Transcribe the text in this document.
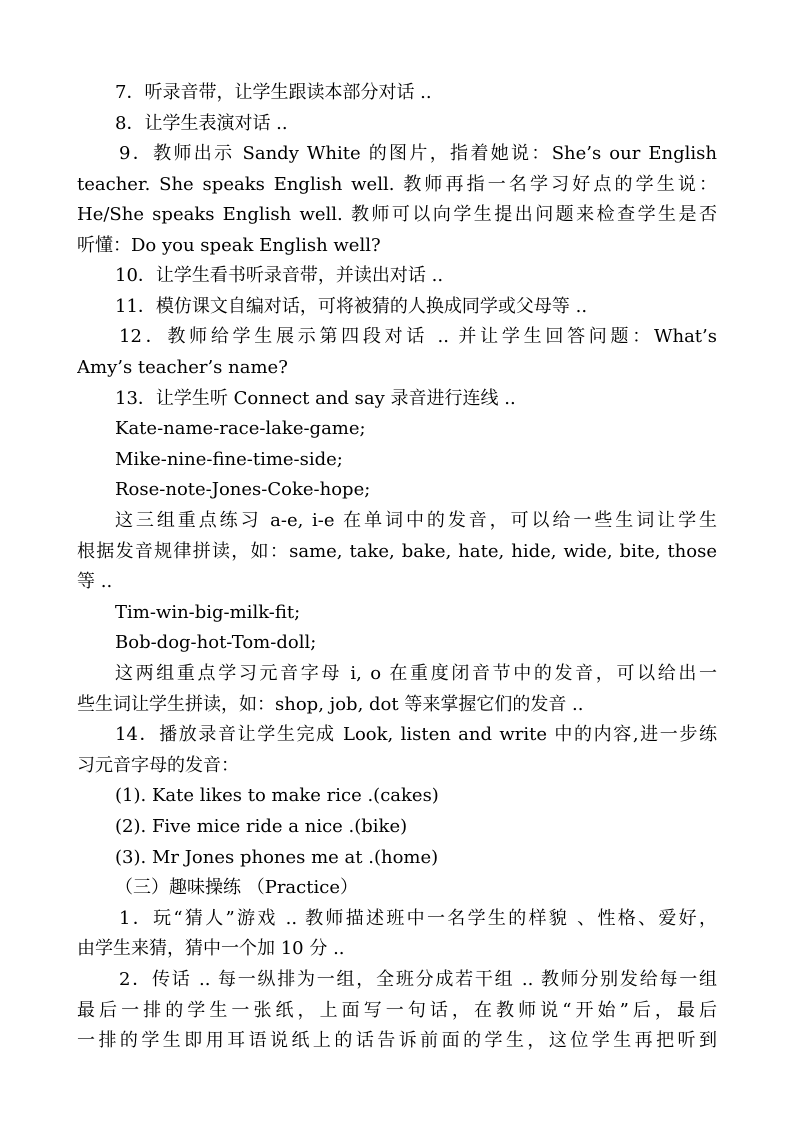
7．听录音带，让学生跟读本部分对话 ..
8．让学生表演对话 ..
9．教师出示 Sandy White 的图片，指着她说：She’s our English
teacher. She speaks English well. 教师再指一名学习好点的学生说：
He/She speaks English well. 教师可以向学生提出问题来检查学生是否
听懂：Do you speak English well?
10．让学生看书听录音带，并读出对话 ..
11．模仿课文自编对话，可将被猜的人换成同学或父母等 ..
12．教师给学生展示第四段对话 .. 并让学生回答问题：What’s
Amy’s teacher’s name?
13．让学生听 Connect and say 录音进行连线 ..
Kate-name-race-lake-game;
Mike-nine-fine-time-side;
Rose-note-Jones-Coke-hope;
这三组重点练习 a-e, i-e 在单词中的发音，可以给一些生词让学生
根据发音规律拼读，如：same, take, bake, hate, hide, wide, bite, those
等 ..
Tim-win-big-milk-fit;
Bob-dog-hot-Tom-doll;
这两组重点学习元音字母 i, o 在重度闭音节中的发音，可以给出一
些生词让学生拼读，如：shop, job, dot 等来掌握它们的发音 ..
14．播放录音让学生完成 Look, listen and write 中的内容,进一步练
习元音字母的发音：
(1). Kate likes to make rice .(cakes)
(2). Five mice ride a nice .(bike)
(3). Mr Jones phones me at .(home)
（三）趣味操练 （Practice）
1．玩“猜人”游戏 .. 教师描述班中一名学生的样貌 、性格、爱好，
由学生来猜，猜中一个加 10 分 ..
2．传话 .. 每一纵排为一组，全班分成若干组 .. 教师分别发给每一组
最后一排的学生一张纸，上面写一句话，在教师说“开始”后，最后
一排的学生即用耳语说纸上的话告诉前面的学生，这位学生再把听到
